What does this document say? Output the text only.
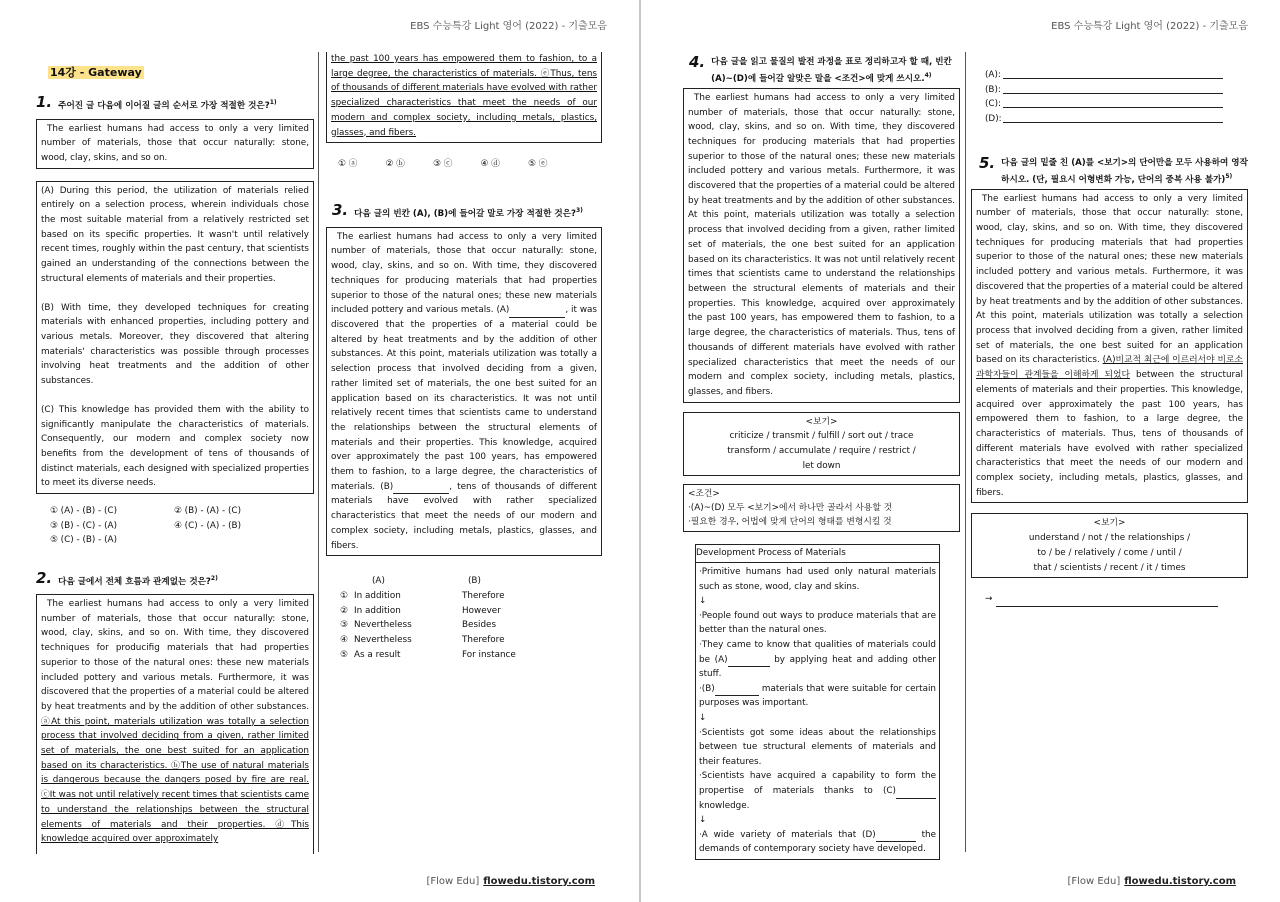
EBS 수능특강 Light 영어 (2022) - 기출모음
14강 - Gateway
1. 주어진 글 다음에 이어질 글의 순서로 가장 적절한 것은?$^{1)}$
The earliest humans had access to only a very limited number of materials, those that occur naturally: stone, wood, clay, skins, and so on.
(A) During this period, the utilization of materials relied entirely on a selection process, wherein individuals chose the most suitable material from a relatively restricted set based on its specific properties. It wasn't until relatively recent times, roughly within the past century, that scientists gained an understanding of the connections between the structural elements of materials and their properties.
(B) With time, they developed techniques for creating materials with enhanced properties, including pottery and various metals. Moreover, they discovered that altering materials' characteristics was possible through processes involving heat treatments and the addition of other substances.
(C) This knowledge has provided them with the ability to significantly manipulate the characteristics of materials. Consequently, our modern and complex society now benefits from the development of tens of thousands of distinct materials, each designed with specialized properties to meet its diverse needs.
① (A) - (B) - (C)	② (B) - (A) - (C)
③ (B) - (C) - (A)	④ (C) - (A) - (B)
⑤ (C) - (B) - (A)
2. 다음 글에서 전체 흐름과 관계없는 것은?$^{2)}$
The earliest humans had access to only a very limited number of materials, those that occur naturally: stone, wood, clay, skins, and so on. With time, they discovered techniques for producifig materials that had properties superior to those of the natural ones: these new materials included pottery and various metals. Furthermore, it was discovered that the properties of a material could be altered by heat treatments and by the addition of other substances. ⓐAt this point, materials utilization was totally a selection process that involved deciding from a given, rather limited set of materials, the one best suited for an application based on its characteristics. ⓑThe use of natural materials is dangerous because the dangers posed by fire are real. ⓒIt was not until relatively recent times that scientists came to understand the relationships between the structural elements of materials and their properties. ⓓThis knowledge acquired over approximately
the past 100 years has empowered them to fashion, to a large degree, the characteristics of materials. ⓔThus, tens of thousands of different materials have evolved with rather specialized characteristics that meet the needs of our modern and complex society, including metals, plastics, glasses, and fibers.
① ⓐ	② ⓑ	③ ⓒ	④ ⓓ	⑤ ⓔ
3. 다음 글의 빈칸 (A), (B)에 들어갈 말로 가장 적절한 것은?$^{3)}$
The earliest humans had access to only a very limited number of materials, those that occur naturally: stone, wood, clay, skins, and so on. With time, they discovered techniques for producing materials that had properties superior to those of the natural ones; these new materials included pottery and various metals. (A)	, it was discovered that the properties of a material could be altered by heat treatments and by the addition of other substances. At this point, materials utilization was totally a selection process that involved deciding from a given, rather limited set of materials, the one best suited for an application based on its characteristics. It was not until relatively recent times that scientists came to understand the relationships between the structural elements of materials and their properties. This knowledge, acquired over approximately the past 100 years, has empowered them to fashion, to a large degree, the characteristics of materials. (B)	, tens of thousands of different materials have evolved with rather specialized characteristics that meet the needs of our modern and complex society, including metals, plastics, glasses, and fibers.
(A)	(B)
① In addition	Therefore
② In addition	However
③ Nevertheless	Besides
④ Nevertheless	Therefore
⑤ As a result	For instance
[Flow Edu] flowedu.tistory.com
EBS 수능특강 Light 영어 (2022) - 기출모음
4. 다음 글을 읽고 물질의 발전 과정을 표로 정리하고자 할 때, 빈칸 (A)~(D)에 들어갈 알맞은 말을 <조건>에 맞게 쓰시오.$^{4)}$
The earliest humans had access to only a very limited number of materials, those that occur naturally: stone, wood, clay, skins, and so on. With time, they discovered techniques for producing materials that had properties superior to those of the natural ones; these new materials included pottery and various metals. Furthermore, it was discovered that the properties of a material could be altered by heat treatments and by the addition of other substances. At this point, materials utilization was totally a selection process that involved deciding from a given, rather limited set of materials, the one best suited for an application based on its characteristics. It was not until relatively recent times that scientists came to understand the relationships between the structural elements of materials and their properties. This knowledge, acquired over approximately the past 100 years, has empowered them to fashion, to a large degree, the characteristics of materials. Thus, tens of thousands of different materials have evolved with rather specialized characteristics that meet the needs of our modern and complex society, including metals, plastics, glasses, and fibers.
<보기>
criticize / transmit / fulfill / sort out / trace
transform / accumulate / require / restrict /
let down
<조건>
·(A)~(D) 모두 <보기>에서 하나만 골라서 사용할 것
·필요한 경우, 어법에 맞게 단어의 형태를 변형시킬 것
Development Process of Materials
·Primitive humans had used only natural materials such as stone, wood, clay and skins.
↓
·People found out ways to produce materials that are better than the natural ones.
·They came to know that qualities of materials could be (A)	by applying heat and adding other stuff.
·(B)	materials that were suitable for certain purposes was important.
↓
·Scientists got some ideas about the relationships between tue structural elements of materials and their features.
·Scientists have acquired a capability to form the propertise of materials thanks to (C) knowledge.
↓
·A wide variety of materials that (D)	the demands of contemporary society have developed.
(A):
(B):
(C):
(D):
5. 다음 글의 밑줄 친 (A)를 <보기>의 단어만을 모두 사용하여 영작하시오. (단, 필요시 어형변화 가능, 단어의 중복 사용 불가)$^{5)}$
The earliest humans had access to only a very limited number of materials, those that occur naturally: stone, wood, clay, skins, and so on. With time, they discovered techniques for producing materials that had properties superior to those of the natural ones; these new materials included pottery and various metals. Furthermore, it was discovered that the properties of a material could be altered by heat treatments and by the addition of other substances. At this point, materials utilization was totally a selection process that involved deciding from a given, rather limited set of materials, the one best suited for an application based on its characteristics. (A)비교적 최근에 이르러서야 비로소 과학자들이 관계들을 이해하게 되었다 between the structural elements of materials and their properties. This knowledge, acquired over approximately the past 100 years, has empowered them to fashion, to a large degree, the characteristics of materials. Thus, tens of thousands of different materials have evolved with rather specialized characteristics that meet the needs of our modern and complex society, including metals, plastics, glasses, and fibers.
<보기>
understand / not / the relationships /
to / be / relatively / come / until /
that / scientists / recent / it / times
→
[Flow Edu] flowedu.tistory.com
